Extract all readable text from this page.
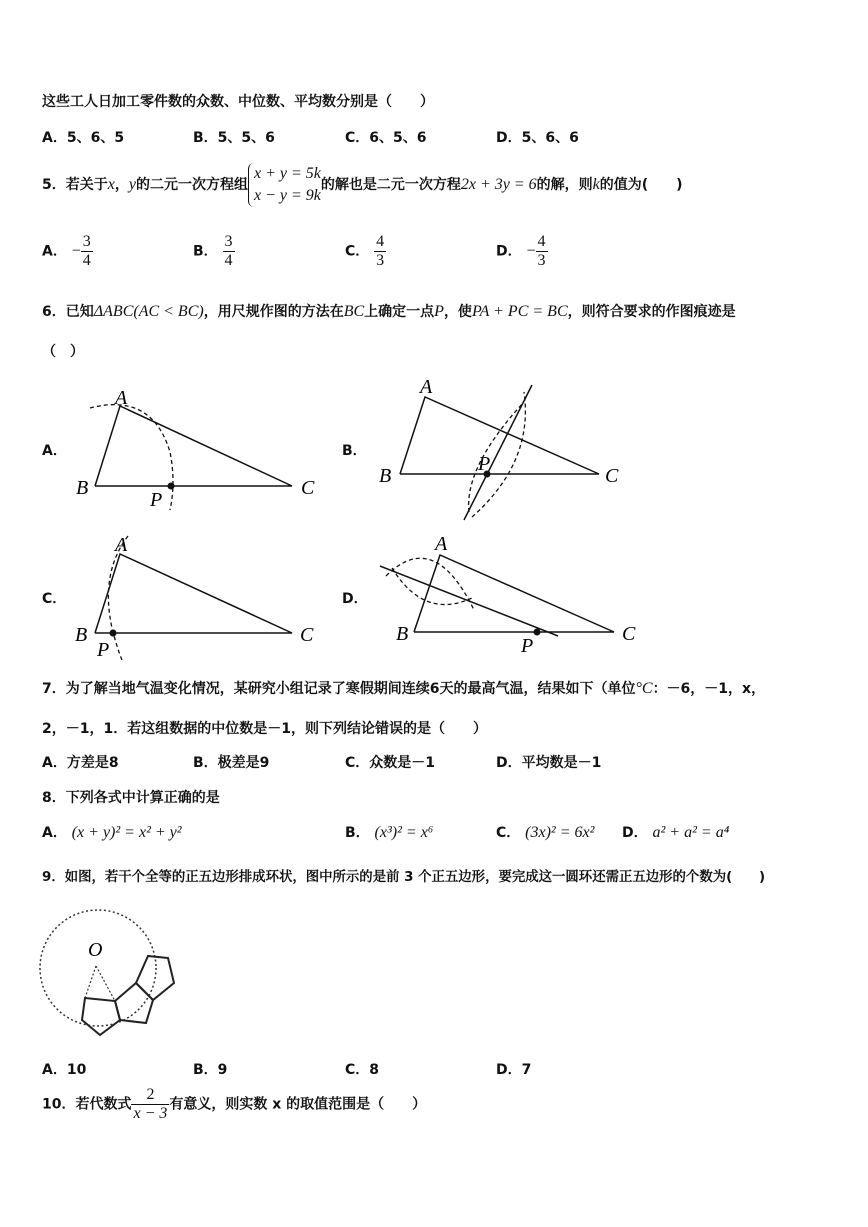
这些工人日加工零件数的众数、中位数、平均数分别是（　　）
A．5、6、5	B．5、5、6	C．6、5、6	D．5、6、6
5．若关于x，y的二元一次方程组
x + y = 5k
x − y = 9k
的解也是二元一次方程2x + 3y = 6的解，则k的值为(　　)
A． − $\frac{3}{4}$	B． $\frac{3}{4}$	C． $\frac{4}{3}$	D． − $\frac{4}{3}$
6．已知ΔABC(AC < BC)，用尺规作图的方法在BC上确定一点P，使PA + PC = BC，则符合要求的作图痕迹是
（　）
A．	B．
C．	D．
A
B
P
C
A
B
P
C
A
B
P
C
A
B
P
C
7．为了解当地气温变化情况，某研究小组记录了寒假期间连续6天的最高气温，结果如下（单位°C：－6，－1，x，
2，－1，1．若这组数据的中位数是－1，则下列结论错误的是（　　）
A．方差是8	B．极差是9	C．众数是－1	D．平均数是－1
8．下列各式中计算正确的是
A． (x + y)² = x² + y²	B． (x³)² = x⁶	C． (3x)² = 6x² D． a² + a² = a⁴
9．如图，若干个全等的正五边形排成环状，图中所示的是前 3 个正五边形，要完成这一圆环还需正五边形的个数为(　　)
O
A．10	B．9	C．8	D．7
10．若代数式 $\frac{2}{x - 3}$ 有意义，则实数 x 的取值范围是（　　）
